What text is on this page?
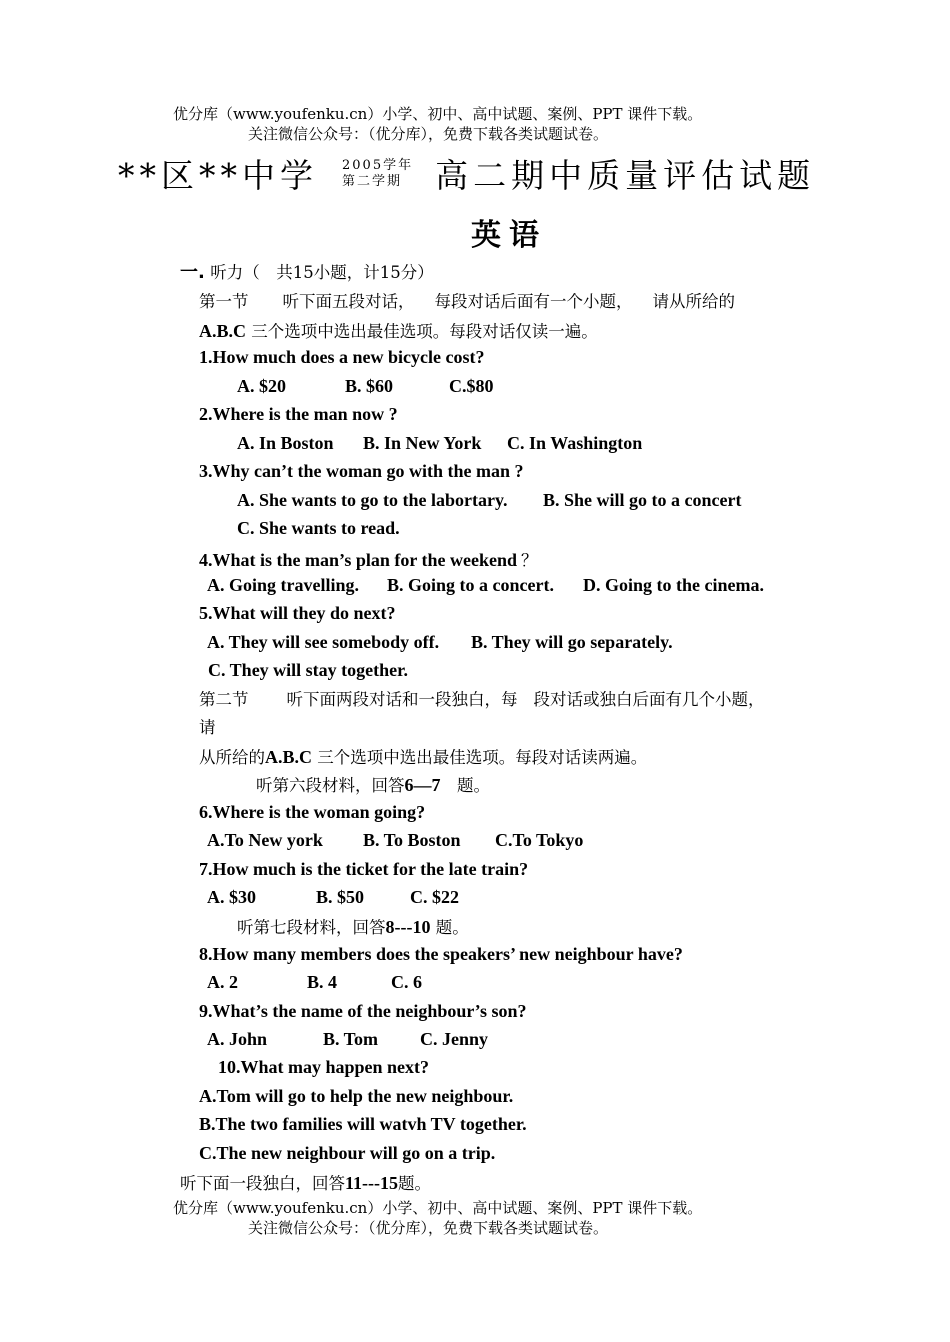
优分库（www.youfenku.cn）小学、初中、高中试题、案例、PPT 课件下载。
关注微信公众号：（优分库），免费下载各类试题试卷。
**区**中学 2005学年
第二学期	高二期中质量评估试题
英语
一. 听力（　共15小题，计15分）
第一节 听下面五段对话， 每段对话后面有一个小题， 请从所给的
A.B.C 三个选项中选出最佳选项。每段对话仅读一遍。
1.How much does a new bicycle cost?
A. $20	B. $60	C.$80
2.Where is the man now ?
A. In Boston B. In New York C. In Washington
3.Why can’t the woman go with the man ?
A. She wants to go to the labortary. B. She will go to a concert
C. She wants to read.
4.What is the man’s plan for the weekend ？
A. Going travelling. B. Going to a concert. D. Going to the cinema.
5.What will they do next?
A. They will see somebody off. B. They will go separately.
C. They will stay together.
第二节 听下面两段对话和一段独白，每 段对话或独白后面有几个小题，
请
从所给的A.B.C 三个选项中选出最佳选项。每段对话读两遍。
听第六段材料，回答6—7　题。
6.Where is the woman going?
A.To New york B. To Boston C.To Tokyo
7.How much is the ticket for the late train?
A. $30	B. $50	C. $22
听第七段材料，回答8---10 题。
8.How many members does the speakers’ new neighbour have?
A. 2	B. 4	C. 6
9.What’s the name of the neighbour’s son?
A. John	B. Tom C. Jenny
10.What may happen next?
A.Tom will go to help the new neighbour.
B.The two families will watvh TV together.
C.The new neighbour will go on a trip.
听下面一段独白，回答11---15题。
优分库（www.youfenku.cn）小学、初中、高中试题、案例、PPT 课件下载。
关注微信公众号：（优分库），免费下载各类试题试卷。
